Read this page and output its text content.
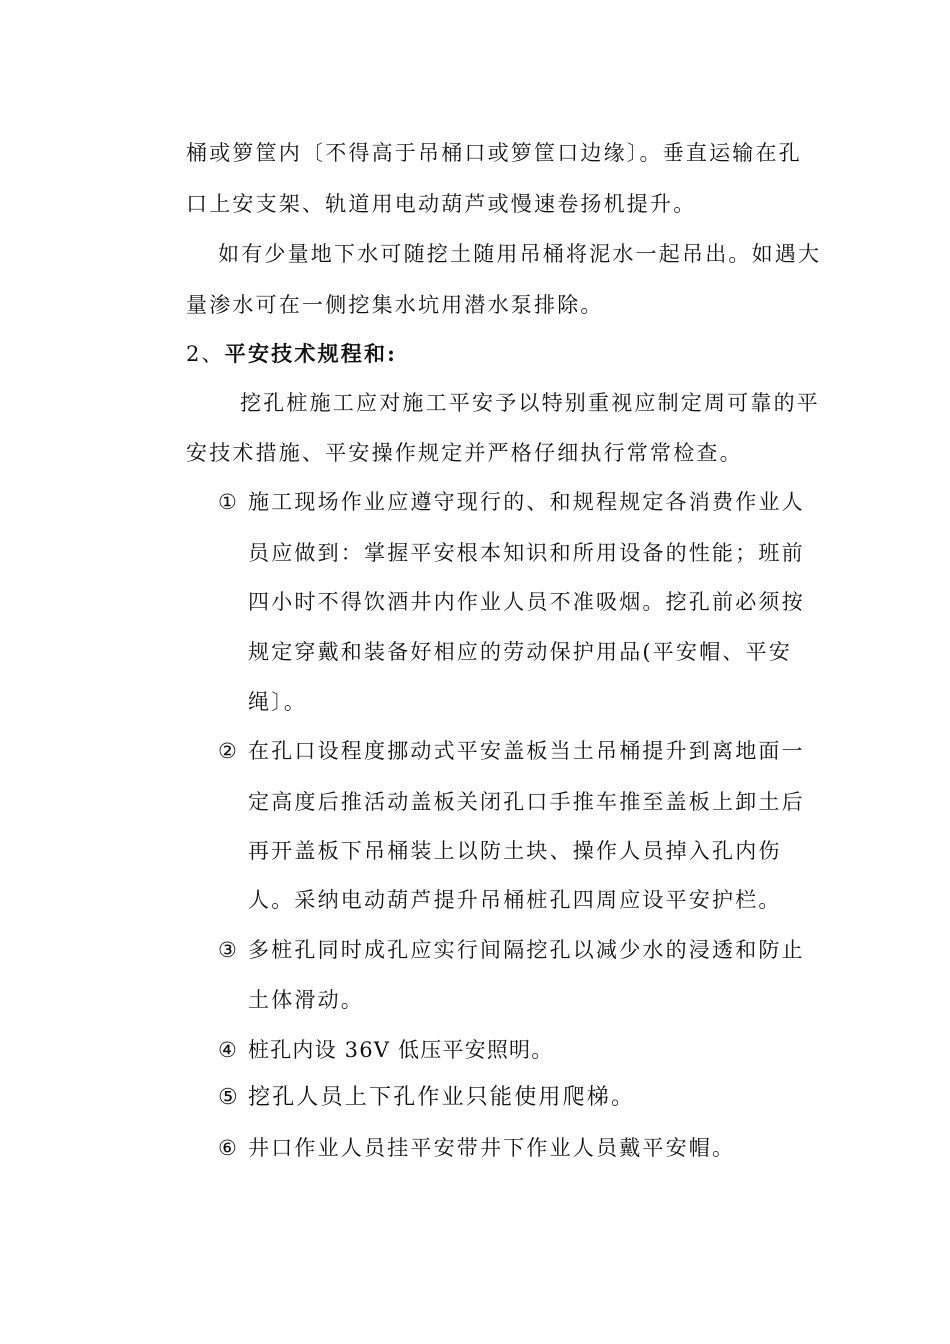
桶或箩筐内〔不得高于吊桶口或箩筐口边缘〕。垂直运输在孔
口上安支架、轨道用电动葫芦或慢速卷扬机提升。
如有少量地下水可随挖土随用吊桶将泥水一起吊出。如遇大
量渗水可在一侧挖集水坑用潜水泵排除。
2、平安技术规程和:
挖孔桩施工应对施工平安予以特别重视应制定周可靠的平
安技术措施、平安操作规定并严格仔细执行常常检查。
① 施工现场作业应遵守现行的、和规程规定各消费作业人
员应做到：掌握平安根本知识和所用设备的性能；班前
四小时不得饮酒井内作业人员不准吸烟。挖孔前必须按
规定穿戴和装备好相应的劳动保护用品(平安帽、平安
绳〕。
② 在孔口设程度挪动式平安盖板当土吊桶提升到离地面一
定高度后推活动盖板关闭孔口手推车推至盖板上卸土后
再开盖板下吊桶装上以防土块、操作人员掉入孔内伤
人。采纳电动葫芦提升吊桶桩孔四周应设平安护栏。
③ 多桩孔同时成孔应实行间隔挖孔以减少水的浸透和防止
土体滑动。
④ 桩孔内设 36V 低压平安照明。
⑤ 挖孔人员上下孔作业只能使用爬梯。
⑥ 井口作业人员挂平安带井下作业人员戴平安帽。
